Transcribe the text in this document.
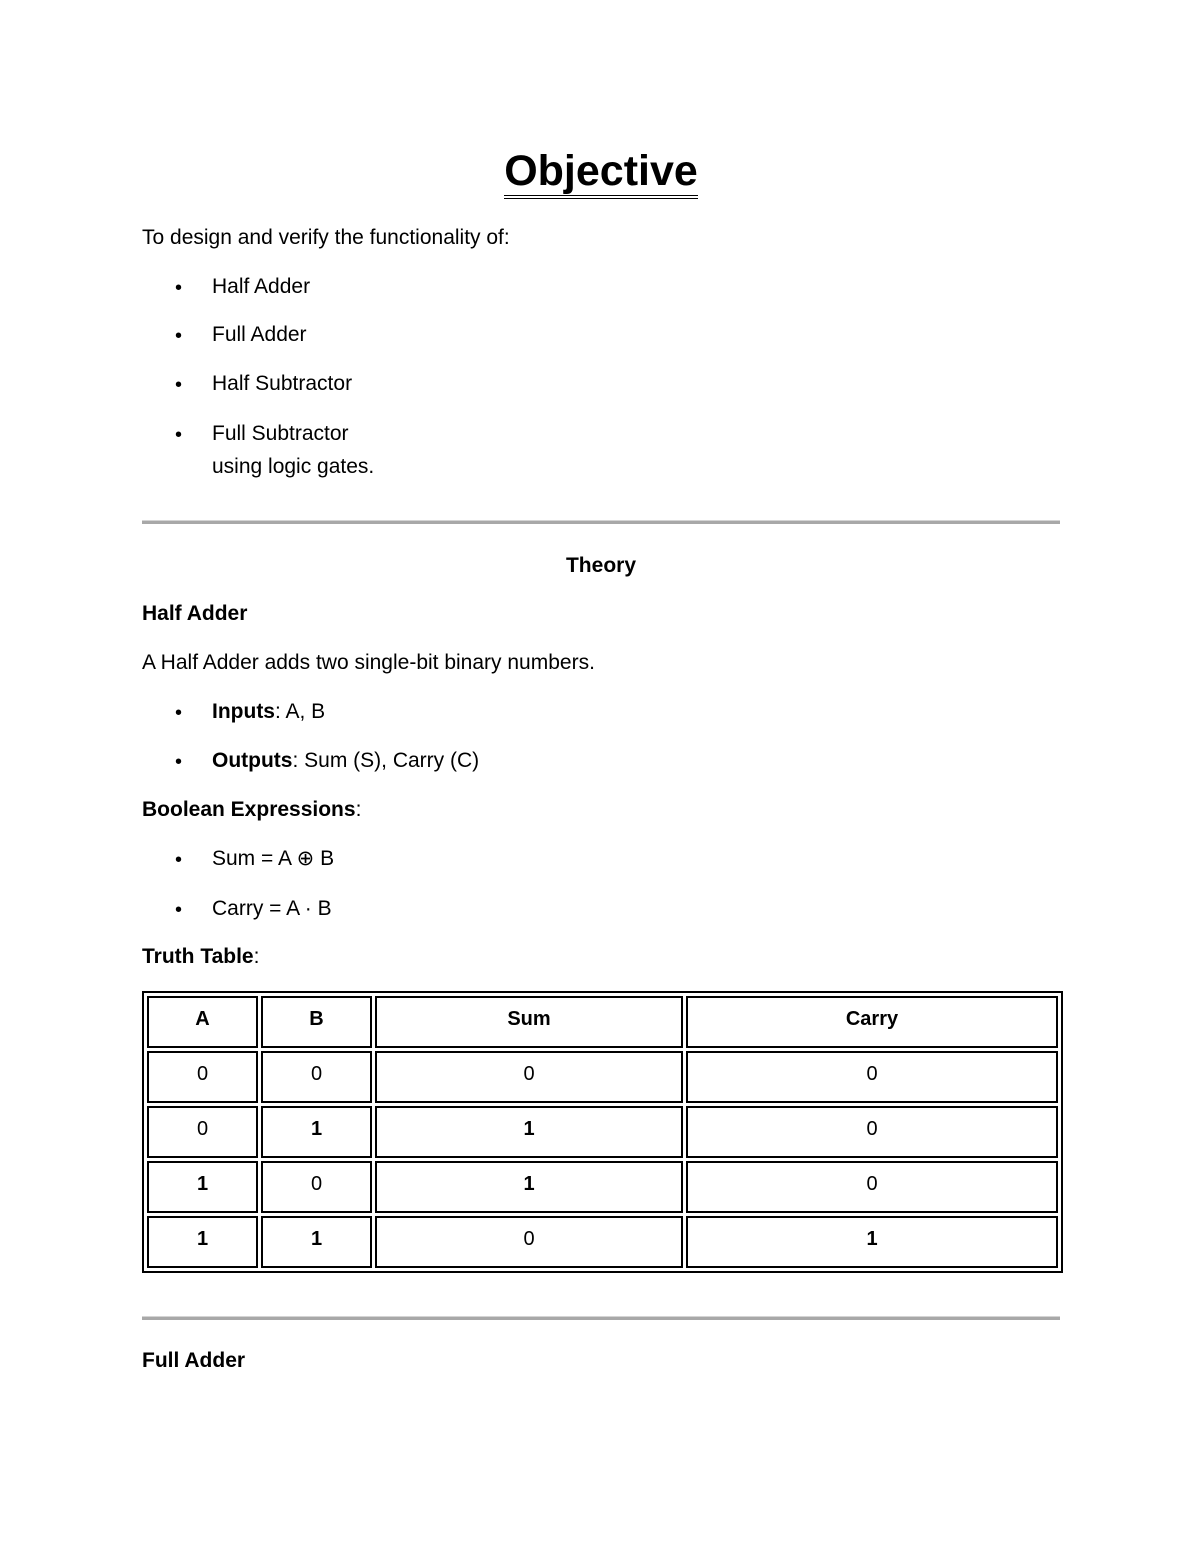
Objective
To design and verify the functionality of:
• Half Adder
• Full Adder
• Half Subtractor
• Full Subtractor
using logic gates.
Theory
Half Adder
A Half Adder adds two single-bit binary numbers.
• Inputs: A, B
• Outputs: Sum (S), Carry (C)
Boolean Expressions:
• Sum = A ⊕ B
• Carry = A · B
Truth Table:
A	B	Sum	Carry
0	0	0	0
0	1	1	0
1	0	1	0
1	1	0	1
Full Adder
